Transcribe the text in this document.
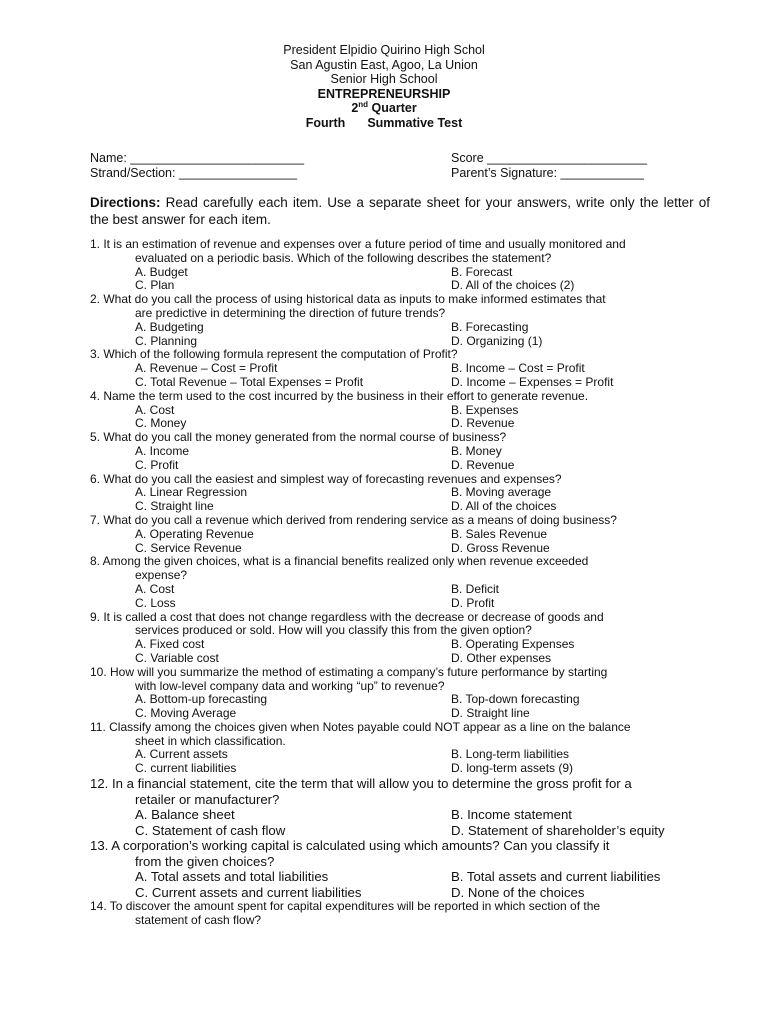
President Elpidio Quirino High Schol
San Agustin East, Agoo, La Union
Senior High School
ENTREPRENEURSHIP
2nd Quarter
Fourth Summative Test
Name: _________________________	Score _______________________
Strand/Section: _________________	Parent’s Signature: ____________
Directions: Read carefully each item. Use a separate sheet for your answers, write only the letter of the best answer for each item.
1. It is an estimation of revenue and expenses over a future period of time and usually monitored and
evaluated on a periodic basis. Which of the following describes the statement?
A. Budget	B. Forecast
C. Plan	D. All of the choices (2)
2. What do you call the process of using historical data as inputs to make informed estimates that
are predictive in determining the direction of future trends?
A. Budgeting	B. Forecasting
C. Planning	D. Organizing (1)
3. Which of the following formula represent the computation of Profit?
A. Revenue – Cost = Profit	B. Income – Cost = Profit
C. Total Revenue – Total Expenses = Profit	D. Income – Expenses = Profit
4. Name the term used to the cost incurred by the business in their effort to generate revenue.
A. Cost	B. Expenses
C. Money	D. Revenue
5. What do you call the money generated from the normal course of business?
A. Income	B. Money
C. Profit	D. Revenue
6. What do you call the easiest and simplest way of forecasting revenues and expenses?
A. Linear Regression	B. Moving average
C. Straight line	D. All of the choices
7. What do you call a revenue which derived from rendering service as a means of doing business?
A. Operating Revenue	B. Sales Revenue
C. Service Revenue	D. Gross Revenue
8. Among the given choices, what is a financial benefits realized only when revenue exceeded
expense?
A. Cost	B. Deficit
C. Loss	D. Profit
9. It is called a cost that does not change regardless with the decrease or decrease of goods and
services produced or sold. How will you classify this from the given option?
A. Fixed cost	B. Operating Expenses
C. Variable cost	D. Other expenses
10. How will you summarize the method of estimating a company’s future performance by starting
with low-level company data and working “up” to revenue?
A. Bottom-up forecasting	B. Top-down forecasting
C. Moving Average	D. Straight line
11. Classify among the choices given when Notes payable could NOT appear as a line on the balance
sheet in which classification.
A. Current assets	B. Long-term liabilities
C. current liabilities	D. long-term assets (9)
12. In a financial statement, cite the term that will allow you to determine the gross profit for a
retailer or manufacturer?
A. Balance sheet	B. Income statement
C. Statement of cash flow	D. Statement of shareholder’s equity
13. A corporation’s working capital is calculated using which amounts? Can you classify it
from the given choices?
A. Total assets and total liabilities	B. Total assets and current liabilities
C. Current assets and current liabilities	D. None of the choices
14. To discover the amount spent for capital expenditures will be reported in which section of the
statement of cash flow?
